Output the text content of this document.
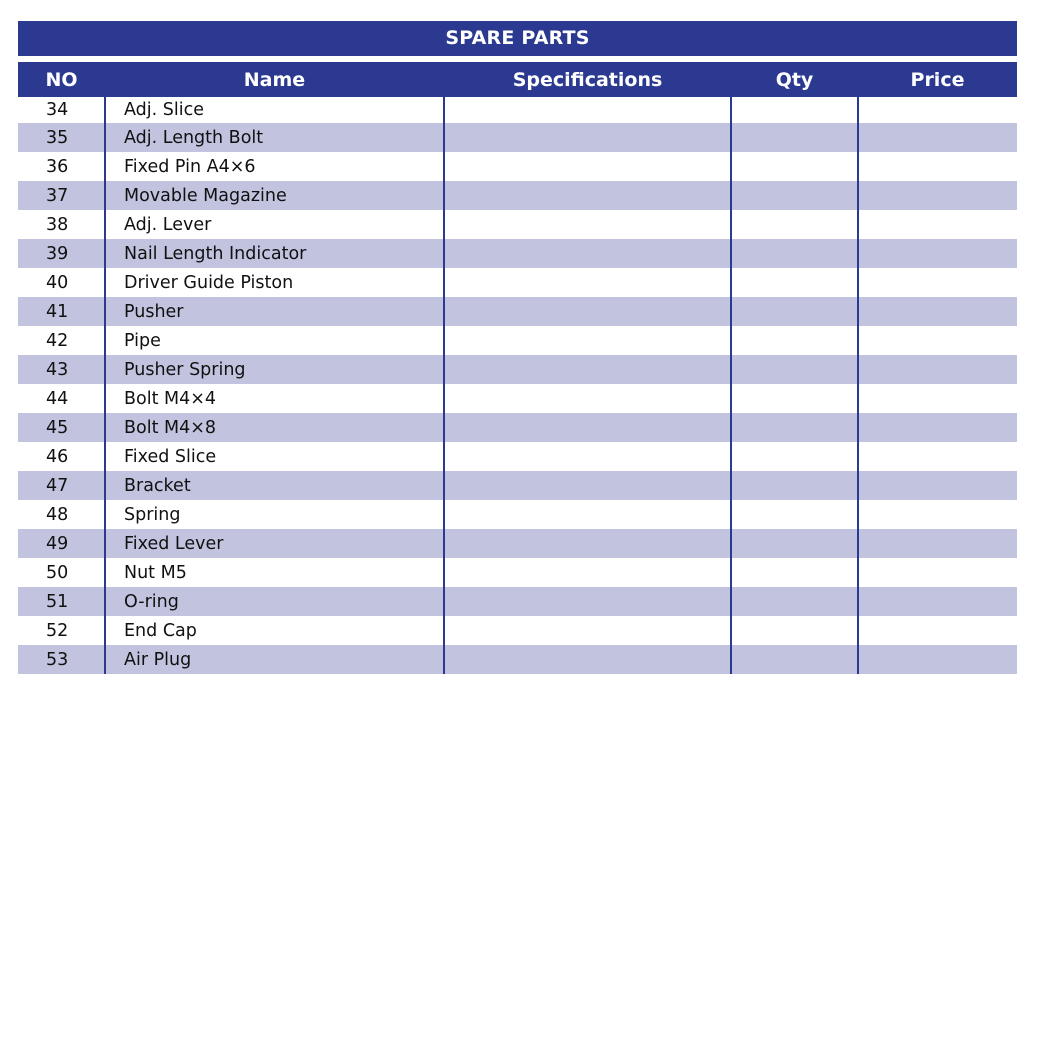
SPARE PARTS
NO	Name	Specifications	Qty	Price
34	Adj. Slice			
35	Adj. Length Bolt			
36	Fixed Pin A4×6			
37	Movable Magazine			
38	Adj. Lever			
39	Nail Length Indicator			
40	Driver Guide Piston			
41	Pusher			
42	Pipe			
43	Pusher Spring			
44	Bolt M4×4			
45	Bolt M4×8			
46	Fixed Slice			
47	Bracket			
48	Spring			
49	Fixed Lever			
50	Nut M5			
51	O-ring			
52	End Cap			
53	Air Plug			
